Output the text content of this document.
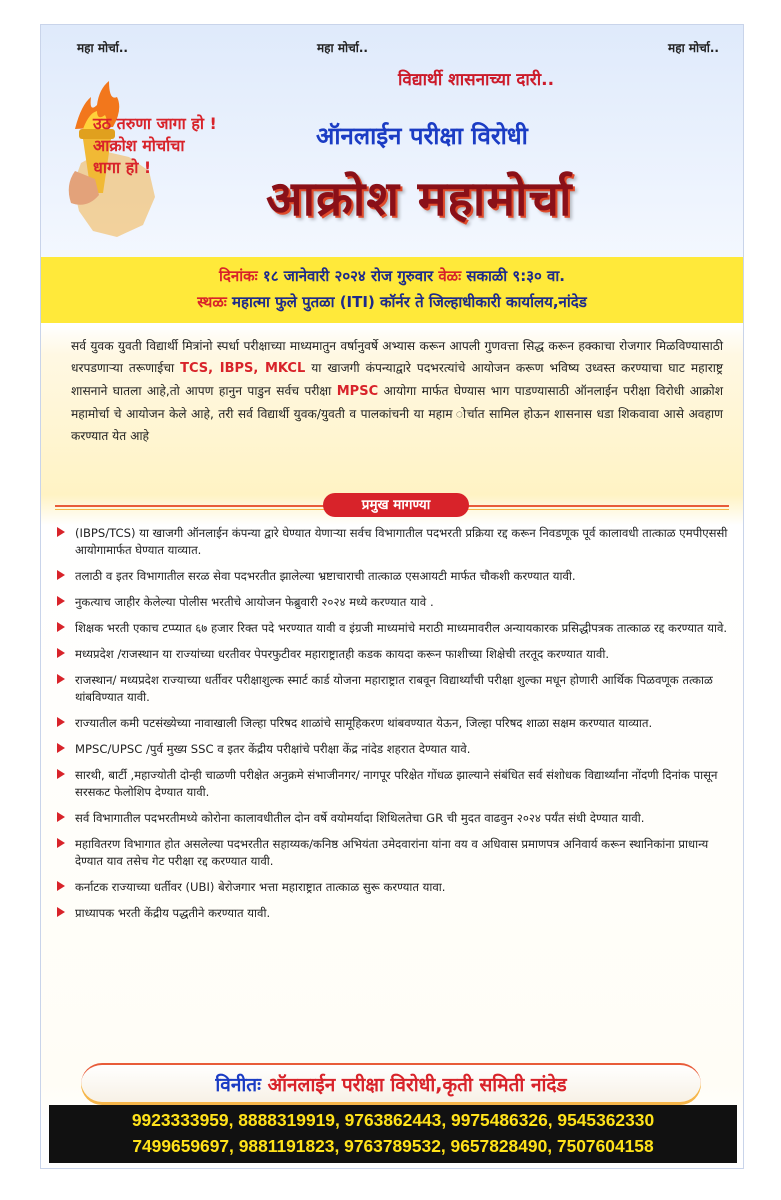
महा मोर्चा..	महा मोर्चा..	महा मोर्चा..
उठ तरुणा जागा हो !
आक्रोश मोर्चाचा
धागा हो !
विद्यार्थी शासनाच्या दारी..
ऑनलाईन परीक्षा विरोधी
आक्रोश महामोर्चा
दिनांकः १८ जानेवारी २०२४ रोज गुरुवार वेळः सकाळी ९:३० वा.
स्थळः महात्मा फुले पुतळा (ITI) कॉर्नर ते जिल्हाधीकारी कार्यालय,नांदेड
सर्व युवक युवती विद्यार्थी मित्रांनो स्पर्धा परीक्षाच्या माध्यमातुन वर्षानुवर्षे अभ्यास करून आपली गुणवत्ता सिद्ध करून हक्काचा रोजगार मिळविण्यासाठी धरपडणाऱ्या तरूणाईचा TCS, IBPS, MKCL या खाजगी कंपन्याद्वारे पदभरत्यांचे आयोजन करूण भविष्य उध्वस्त करण्याचा घाट महाराष्ट्र शासनाने घातला आहे,तो आपण हानुन पाडुन सर्वच परीक्षा MPSC आयोगा मार्फत घेण्यास भाग पाडण्यासाठी ऑनलाईन परीक्षा विरोधी आक्रोश महामोर्चा चे आयोजन केले आहे, तरी सर्व विद्यार्थी युवक/युवती व पालकांचनी या महाम ोर्चात सामिल होऊन शासनास धडा शिकवावा आसे अवहाण करण्यात येत आहे
प्रमुख मागण्या
(IBPS/TCS) या खाजगी ऑनलाईन कंपन्या द्वारे घेण्यात येणाऱ्या सर्वच विभागातील पदभरती प्रक्रिया रद्द करून निवडणूक पूर्व कालावधी तात्काळ एमपीएससी आयोगामार्फत घेण्यात याव्यात.
तलाठी व इतर विभागातील सरळ सेवा पदभरतीत झालेल्या भ्रष्टाचाराची तात्काळ एसआयटी मार्फत चौकशी करण्यात यावी.
नुकत्याच जाहीर केलेल्या पोलीस भरतीचे आयोजन फेब्रुवारी २०२४ मध्ये करण्यात यावे .
शिक्षक भरती एकाच टप्प्यात ६७ हजार रिक्त पदे भरण्यात यावी व इंग्रजी माध्यमांचे मराठी माध्यमावरील अन्यायकारक प्रसिद्धीपत्रक तात्काळ रद्द करण्यात यावे.
मध्यप्रदेश /राजस्थान या राज्यांच्या धरतीवर पेपरफुटीवर महाराष्ट्रातही कडक कायदा करून फाशीच्या शिक्षेची तरतूद करण्यात यावी.
राजस्थान/ मध्यप्रदेश राज्याच्या धर्तीवर परीक्षाशुल्क स्मार्ट कार्ड योजना महाराष्ट्रात राबवून विद्यार्थ्यांची परीक्षा शुल्का मधून होणारी आर्थिक पिळवणूक तत्काळ थांबविण्यात यावी.
राज्यातील कमी पटसंख्येच्या नावाखाली जिल्हा परिषद शाळांचे सामूहिकरण थांबवण्यात येऊन, जिल्हा परिषद शाळा सक्षम करण्यात याव्यात.
MPSC/UPSC /पुर्व मुख्य SSC व इतर केंद्रीय परीक्षांचे परीक्षा केंद्र नांदेड शहरात देण्यात यावे.
सारथी, बार्टी ,महाज्योती दोन्ही चाळणी परीक्षेत अनुक्रमे संभाजीनगर/ नागपूर परिक्षेत गोंधळ झाल्याने संबंधित सर्व संशोधक विद्यार्थ्यांना नोंदणी दिनांक पासून सरसकट फेलोशिप देण्यात यावी.
सर्व विभागातील पदभरतीमध्ये कोरोना कालावधीतील दोन वर्षे वयोमर्यादा शिथिलतेचा GR ची मुदत वाढवुन २०२४ पर्यंत संधी देण्यात यावी.
महावितरण विभागात होत असलेल्या पदभरतीत सहाय्यक/कनिष्ठ अभियंता उमेदवारांना यांना वय व अधिवास प्रमाणपत्र अनिवार्य करून स्थानिकांना प्राधान्य देण्यात याव तसेच गेट परीक्षा रद्द करण्यात यावी.
कर्नाटक राज्याच्या धर्तीवर (UBI) बेरोजगार भत्ता महाराष्ट्रात तात्काळ सुरू करण्यात यावा.
प्राध्यापक भरती केंद्रीय पद्धतीने करण्यात यावी.
विनीतः ऑनलाईन परीक्षा विरोधी,कृती समिती नांदेड
9923333959, 8888319919, 9763862443, 9975486326, 9545362330
7499659697, 9881191823, 9763789532, 9657828490, 7507604158
